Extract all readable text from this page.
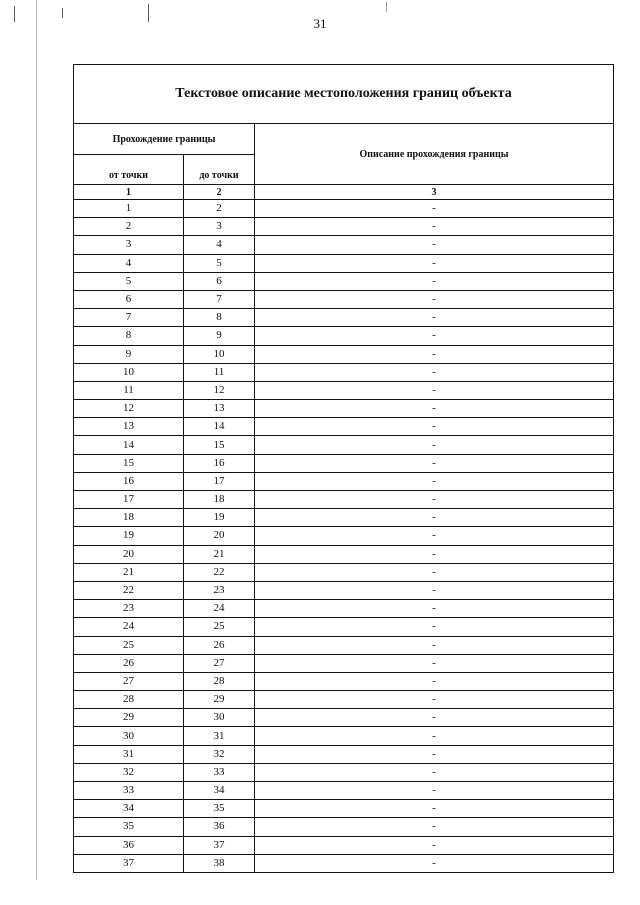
31
Текстовое описание местоположения границ объекта		
Прохождение границы		Описание прохождения границы
от точки	до точки	
1	2	3
1	2	-
2	3	-
3	4	-
4	5	-
5	6	-
6	7	-
7	8	-
8	9	-
9	10	-
10	11	-
11	12	-
12	13	-
13	14	-
14	15	-
15	16	-
16	17	-
17	18	-
18	19	-
19	20	-
20	21	-
21	22	-
22	23	-
23	24	-
24	25	-
25	26	-
26	27	-
27	28	-
28	29	-
29	30	-
30	31	-
31	32	-
32	33	-
33	34	-
34	35	-
35	36	-
36	37	-
37	38	-
